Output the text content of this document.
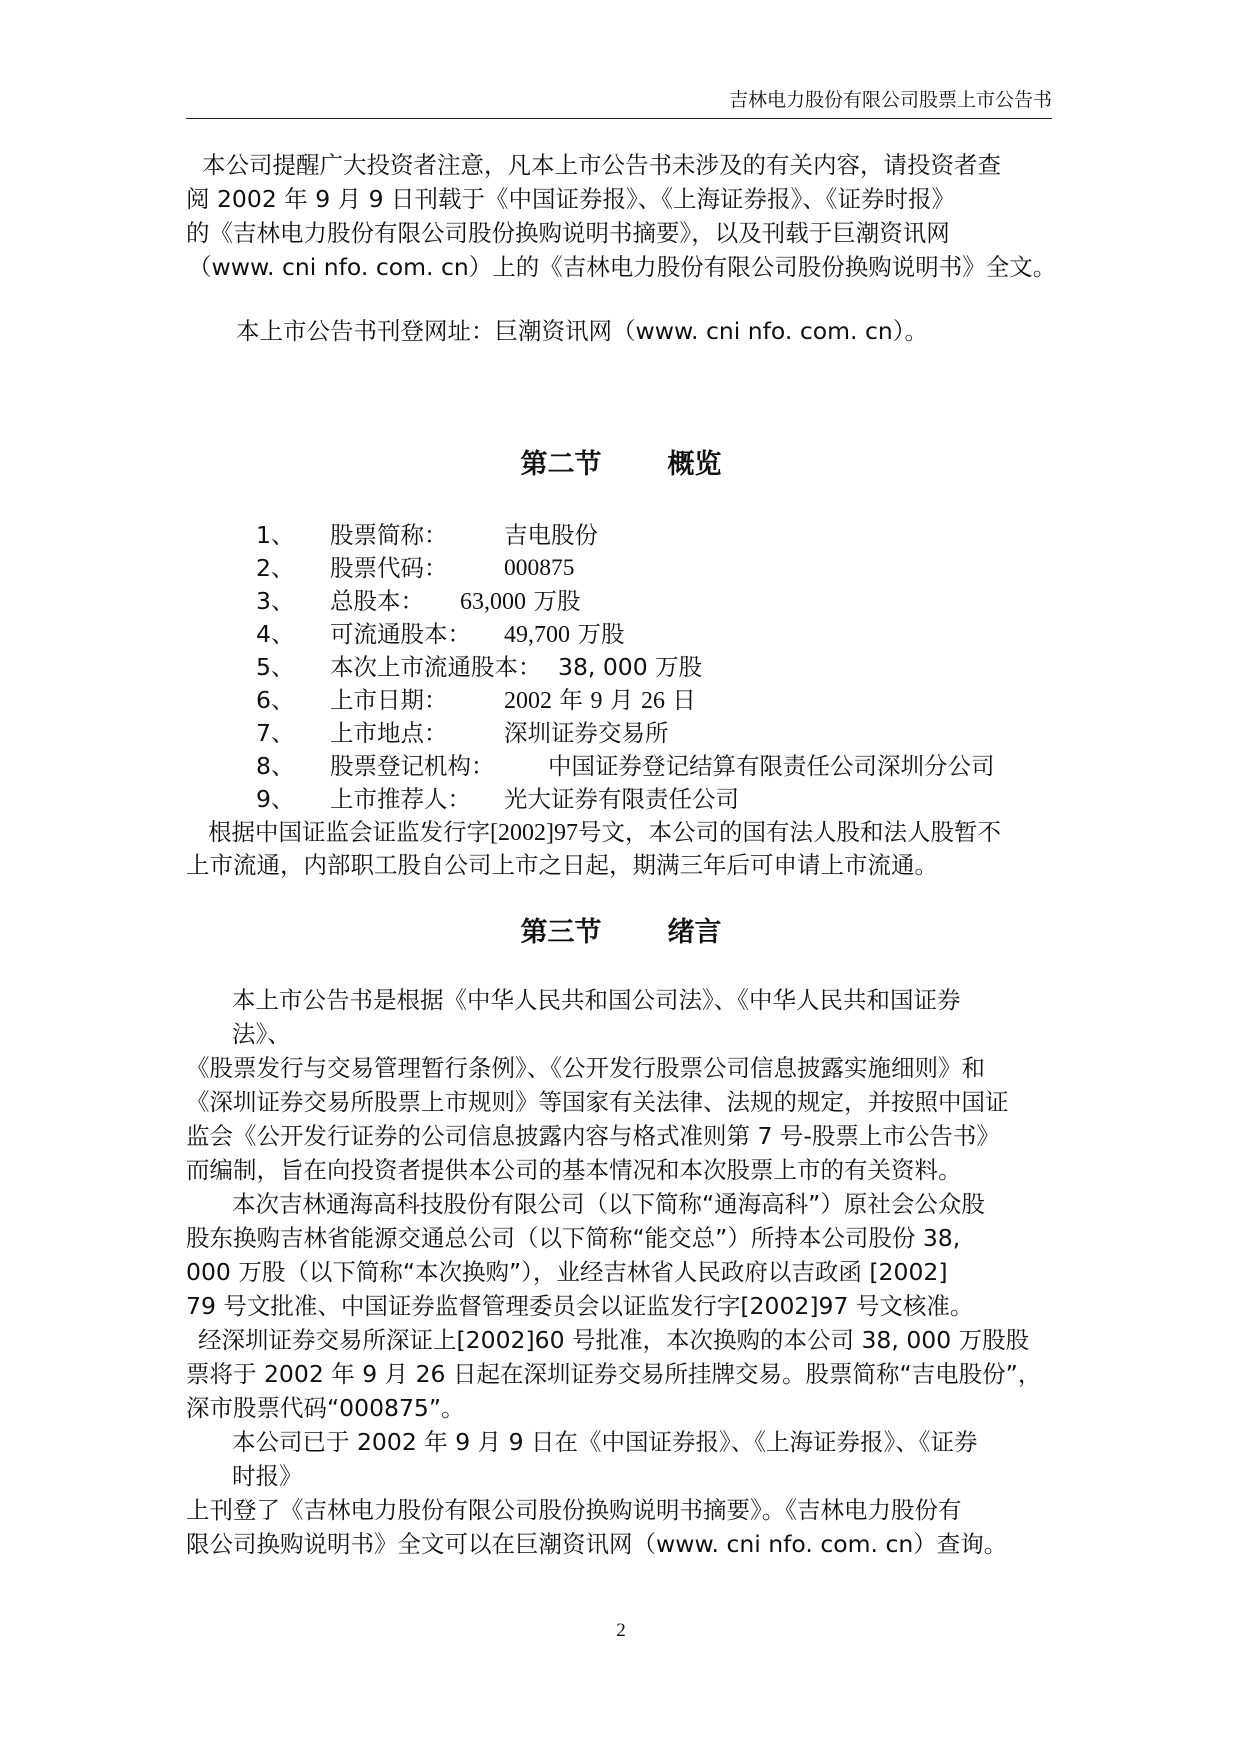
吉林电力股份有限公司股票上市公告书
本公司提醒广大投资者注意，凡本上市公告书未涉及的有关内容，请投资者查
阅 2002 年 9 月 9 日刊载于《中国证券报》、《上海证券报》、《证券时报》
的《吉林电力股份有限公司股份换购说明书摘要》，以及刊载于巨潮资讯网
（www. cni nfo. com. cn）上的《吉林电力股份有限公司股份换购说明书》全文。
本上市公告书刊登网址：巨潮资讯网（www. cni nfo. com. cn）。
第二节 概览
1、 股票简称： 吉电股份
2、 股票代码： 000875
3、 总股本： 63,000 万股
4、 可流通股本： 49,700 万股
5、 本次上市流通股本： 38, 000 万股
6、 上市日期： 2002 年 9 月 26 日
7、 上市地点： 深圳证券交易所
8、 股票登记机构： 中国证券登记结算有限责任公司深圳分公司
9、 上市推荐人： 光大证券有限责任公司
根据中国证监会证监发行字[2002]97号文，本公司的国有法人股和法人股暂不
上市流通，内部职工股自公司上市之日起，期满三年后可申请上市流通。
第三节 绪言
本上市公告书是根据《中华人民共和国公司法》、《中华人民共和国证券
法》、
《股票发行与交易管理暂行条例》、《公开发行股票公司信息披露实施细则》和
《深圳证券交易所股票上市规则》等国家有关法律、法规的规定，并按照中国证
监会《公开发行证券的公司信息披露内容与格式准则第 7 号-股票上市公告书》
而编制，旨在向投资者提供本公司的基本情况和本次股票上市的有关资料。
本次吉林通海高科技股份有限公司（以下简称“通海高科”）原社会公众股
股东换购吉林省能源交通总公司（以下简称“能交总”）所持本公司股份 38,
000 万股（以下简称“本次换购”），业经吉林省人民政府以吉政函 [2002]
79 号文批准、中国证券监督管理委员会以证监发行字[2002]97 号文核准。
经深圳证券交易所深证上[2002]60 号批准，本次换购的本公司 38, 000 万股股
票将于 2002 年 9 月 26 日起在深圳证券交易所挂牌交易。股票简称“吉电股份”，
深市股票代码“000875”。
本公司已于 2002 年 9 月 9 日在《中国证券报》、《上海证券报》、《证券
时报》
上刊登了《吉林电力股份有限公司股份换购说明书摘要》。《吉林电力股份有
限公司换购说明书》全文可以在巨潮资讯网（www. cni nfo. com. cn）查询。
2
